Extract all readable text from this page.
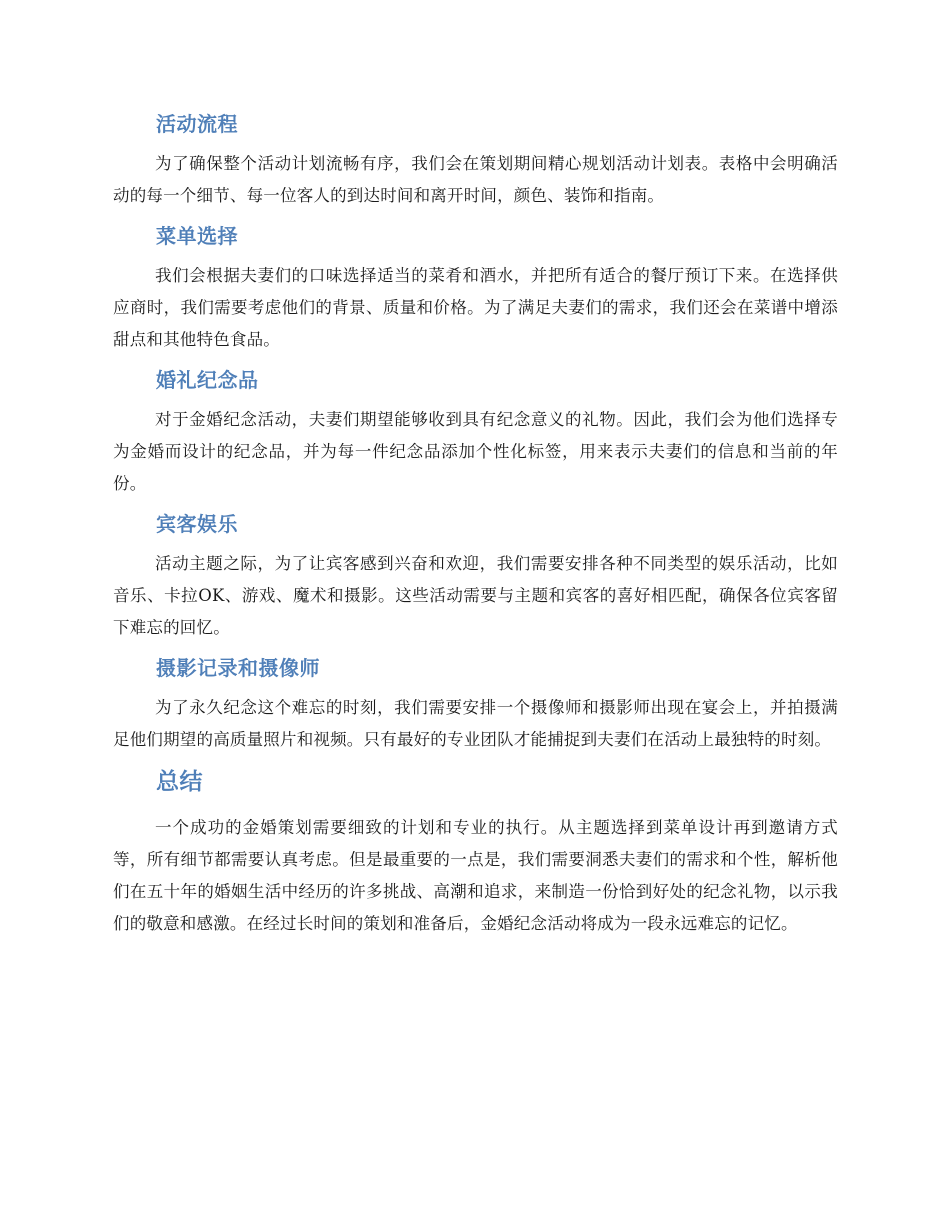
活动流程

为了确保整个活动计划流畅有序，我们会在策划期间精心规划活动计划表。表格中会明确活动的每一个细节、每一位客人的到达时间和离开时间，颜色、装饰和指南。

菜单选择

我们会根据夫妻们的口味选择适当的菜肴和酒水，并把所有适合的餐厅预订下来。在选择供应商时，我们需要考虑他们的背景、质量和价格。为了满足夫妻们的需求，我们还会在菜谱中增添甜点和其他特色食品。

婚礼纪念品

对于金婚纪念活动，夫妻们期望能够收到具有纪念意义的礼物。因此，我们会为他们选择专为金婚而设计的纪念品，并为每一件纪念品添加个性化标签，用来表示夫妻们的信息和当前的年份。

宾客娱乐

活动主题之际，为了让宾客感到兴奋和欢迎，我们需要安排各种不同类型的娱乐活动，比如音乐、卡拉OK、游戏、魔术和摄影。这些活动需要与主题和宾客的喜好相匹配，确保各位宾客留下难忘的回忆。

摄影记录和摄像师

为了永久纪念这个难忘的时刻，我们需要安排一个摄像师和摄影师出现在宴会上，并拍摄满足他们期望的高质量照片和视频。只有最好的专业团队才能捕捉到夫妻们在活动上最独特的时刻。

总结

一个成功的金婚策划需要细致的计划和专业的执行。从主题选择到菜单设计再到邀请方式等，所有细节都需要认真考虑。但是最重要的一点是，我们需要洞悉夫妻们的需求和个性，解析他们在五十年的婚姻生活中经历的许多挑战、高潮和追求，来制造一份恰到好处的纪念礼物，以示我们的敬意和感激。在经过长时间的策划和准备后，金婚纪念活动将成为一段永远难忘的记忆。
